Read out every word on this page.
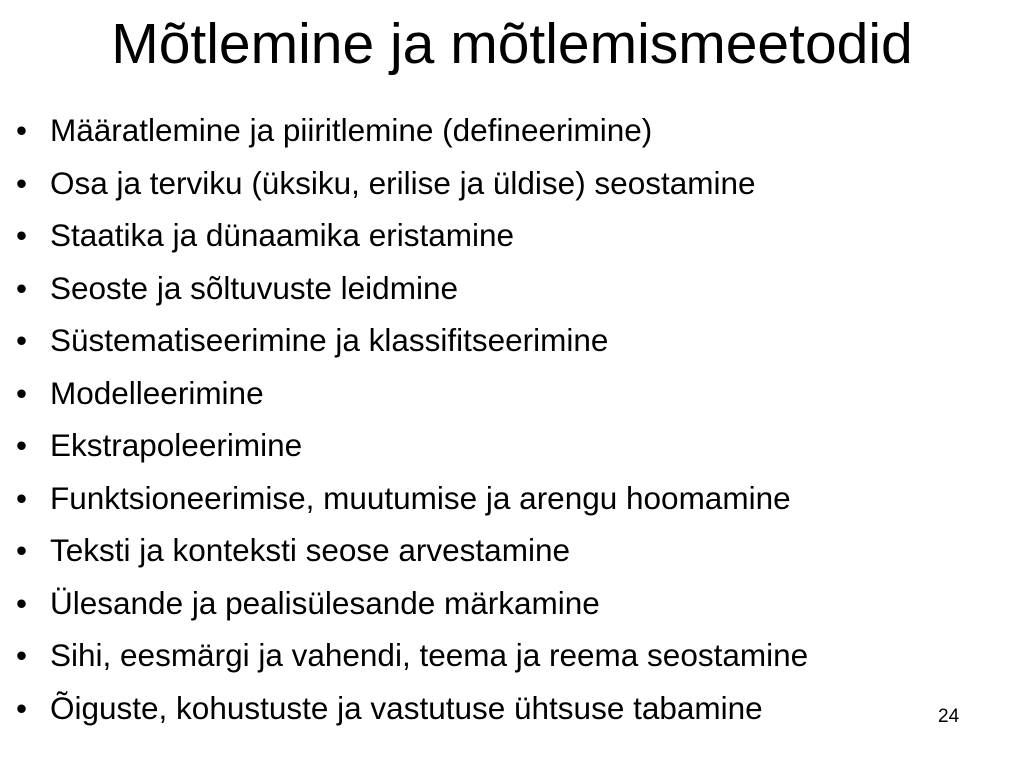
Mõtlemine ja mõtlemismeetodid
• Määratlemine ja piiritlemine (defineerimine)
• Osa ja terviku (üksiku, erilise ja üldise) seostamine
• Staatika ja dünaamika eristamine
• Seoste ja sõltuvuste leidmine
• Süstematiseerimine ja klassifitseerimine
• Modelleerimine
• Ekstrapoleerimine
• Funktsioneerimise, muutumise ja arengu hoomamine
• Teksti ja konteksti seose arvestamine
• Ülesande ja pealisülesande märkamine
• Sihi, eesmärgi ja vahendi, teema ja reema seostamine
• Õiguste, kohustuste ja vastutuse ühtsuse tabamine	24
